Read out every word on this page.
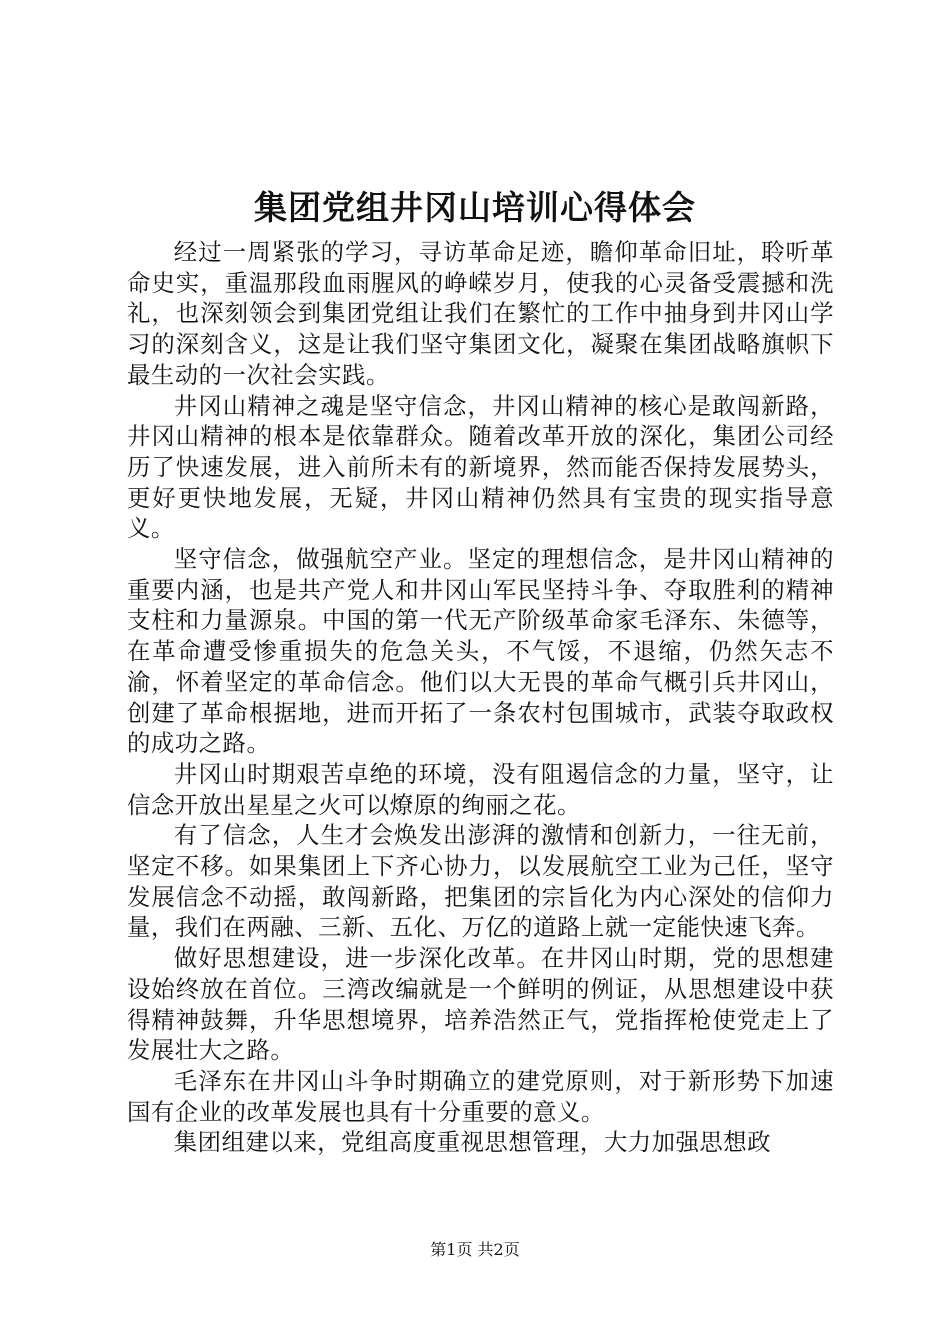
集团党组井冈山培训心得体会

经过一周紧张的学习，寻访革命足迹，瞻仰革命旧址，聆听革命史实，重温那段血雨腥风的峥嵘岁月，使我的心灵备受震撼和洗礼，也深刻领会到集团党组让我们在繁忙的工作中抽身到井冈山学习的深刻含义，这是让我们坚守集团文化，凝聚在集团战略旗帜下最生动的一次社会实践。

井冈山精神之魂是坚守信念，井冈山精神的核心是敢闯新路，井冈山精神的根本是依靠群众。随着改革开放的深化，集团公司经历了快速发展，进入前所未有的新境界，然而能否保持发展势头，更好更快地发展，无疑，井冈山精神仍然具有宝贵的现实指导意义。

坚守信念，做强航空产业。坚定的理想信念，是井冈山精神的重要内涵，也是共产党人和井冈山军民坚持斗争、夺取胜利的精神支柱和力量源泉。中国的第一代无产阶级革命家毛泽东、朱德等，在革命遭受惨重损失的危急关头，不气馁，不退缩，仍然矢志不渝，怀着坚定的革命信念。他们以大无畏的革命气概引兵井冈山，创建了革命根据地，进而开拓了一条农村包围城市，武装夺取政权的成功之路。

井冈山时期艰苦卓绝的环境，没有阻遏信念的力量，坚守，让信念开放出星星之火可以燎原的绚丽之花。

有了信念，人生才会焕发出澎湃的激情和创新力，一往无前，坚定不移。如果集团上下齐心协力，以发展航空工业为己任，坚守发展信念不动摇，敢闯新路，把集团的宗旨化为内心深处的信仰力量，我们在两融、三新、五化、万亿的道路上就一定能快速飞奔。

做好思想建设，进一步深化改革。在井冈山时期，党的思想建设始终放在首位。三湾改编就是一个鲜明的例证，从思想建设中获得精神鼓舞，升华思想境界，培养浩然正气，党指挥枪使党走上了发展壮大之路。

毛泽东在井冈山斗争时期确立的建党原则，对于新形势下加速国有企业的改革发展也具有十分重要的意义。

集团组建以来，党组高度重视思想管理，大力加强思想政

第1页 共2页
